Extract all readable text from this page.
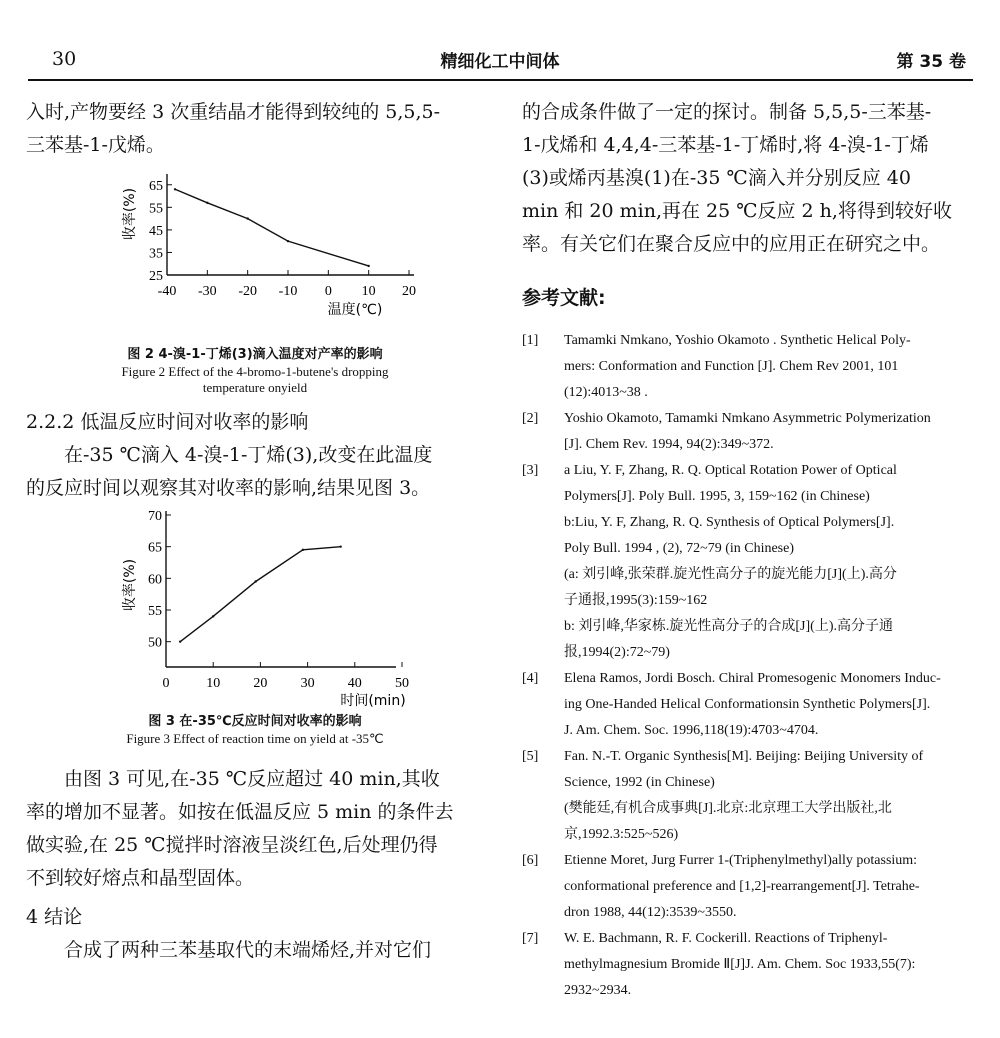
30	精细化工中间体	第 35 卷

入时,产物要经 3 次重结晶才能得到较纯的 5,5,5-
三苯基-1-戊烯。

25
35
45
55
65
-40 -30 -20 -10 0 10 20
收率(%)
温度(℃)
图 2 4-溴-1-丁烯(3)滴入温度对产率的影响
Figure 2 Effect of the 4-bromo-1-butene's dropping
temperature onyield
2.2.2 低温反应时间对收率的影响

在-35 ℃滴入 4-溴-1-丁烯(3),改变在此温度
的反应时间以观察其对收率的影响,结果见图 3。

50
55
60
65
70
0	10 20 30 40 50
收率(%)
时间(min)
图 3 在-35℃反应时间对收率的影响
Figure 3 Effect of reaction time on yield at -35℃

由图 3 可见,在-35 ℃反应超过 40 min,其收
率的增加不显著。如按在低温反应 5 min 的条件去
做实验,在 25 ℃搅拌时溶液呈淡红色,后处理仍得
不到较好熔点和晶型固体。

4 结论

合成了两种三苯基取代的末端烯烃,并对它们

的合成条件做了一定的探讨。制备 5,5,5-三苯基-
1-戊烯和 4,4,4-三苯基-1-丁烯时,将 4-溴-1-丁烯
(3)或烯丙基溴(1)在-35 ℃滴入并分别反应 40
min 和 20 min,再在 25 ℃反应 2 h,将得到较好收
率。有关它们在聚合反应中的应用正在研究之中。

参考文献:
[1] Tamamki Nmkano, Yoshio Okamoto . Synthetic Helical Poly-
mers: Conformation and Function [J]. Chem Rev 2001, 101
(12):4013~38 .
[2] Yoshio Okamoto, Tamamki Nmkano Asymmetric Polymerization
[J]. Chem Rev. 1994, 94(2):349~372.
[3] a Liu, Y. F, Zhang, R. Q. Optical Rotation Power of Optical
Polymers[J]. Poly Bull. 1995, 3, 159~162 (in Chinese)
b:Liu, Y. F, Zhang, R. Q. Synthesis of Optical Polymers[J].
Poly Bull. 1994 , (2), 72~79 (in Chinese)
(a: 刘引峰,张荣群.旋光性高分子的旋光能力[J](上).高分
子通报,1995(3):159~162
b: 刘引峰,华家栋.旋光性高分子的合成[J](上).高分子通
报,1994(2):72~79)
[4] Elena Ramos, Jordi Bosch. Chiral Promesogenic Monomers Induc-
ing One-Handed Helical Conformationsin Synthetic Polymers[J].
J. Am. Chem. Soc. 1996,118(19):4703~4704.
[5] Fan. N.-T. Organic Synthesis[M]. Beijing: Beijing University of
Science, 1992 (in Chinese)
(樊能廷,有机合成事典[J].北京:北京理工大学出版社,北
京,1992.3:525~526)
[6] Etienne Moret, Jurg Furrer 1-(Triphenylmethyl)ally potassium:
conformational preference and [1,2]-rearrangement[J]. Tetrahe-
dron 1988, 44(12):3539~3550.
[7] W. E. Bachmann, R. F. Cockerill. Reactions of Triphenyl-
methylmagnesium Bromide Ⅱ[J]J. Am. Chem. Soc 1933,55(7):
2932~2934.
